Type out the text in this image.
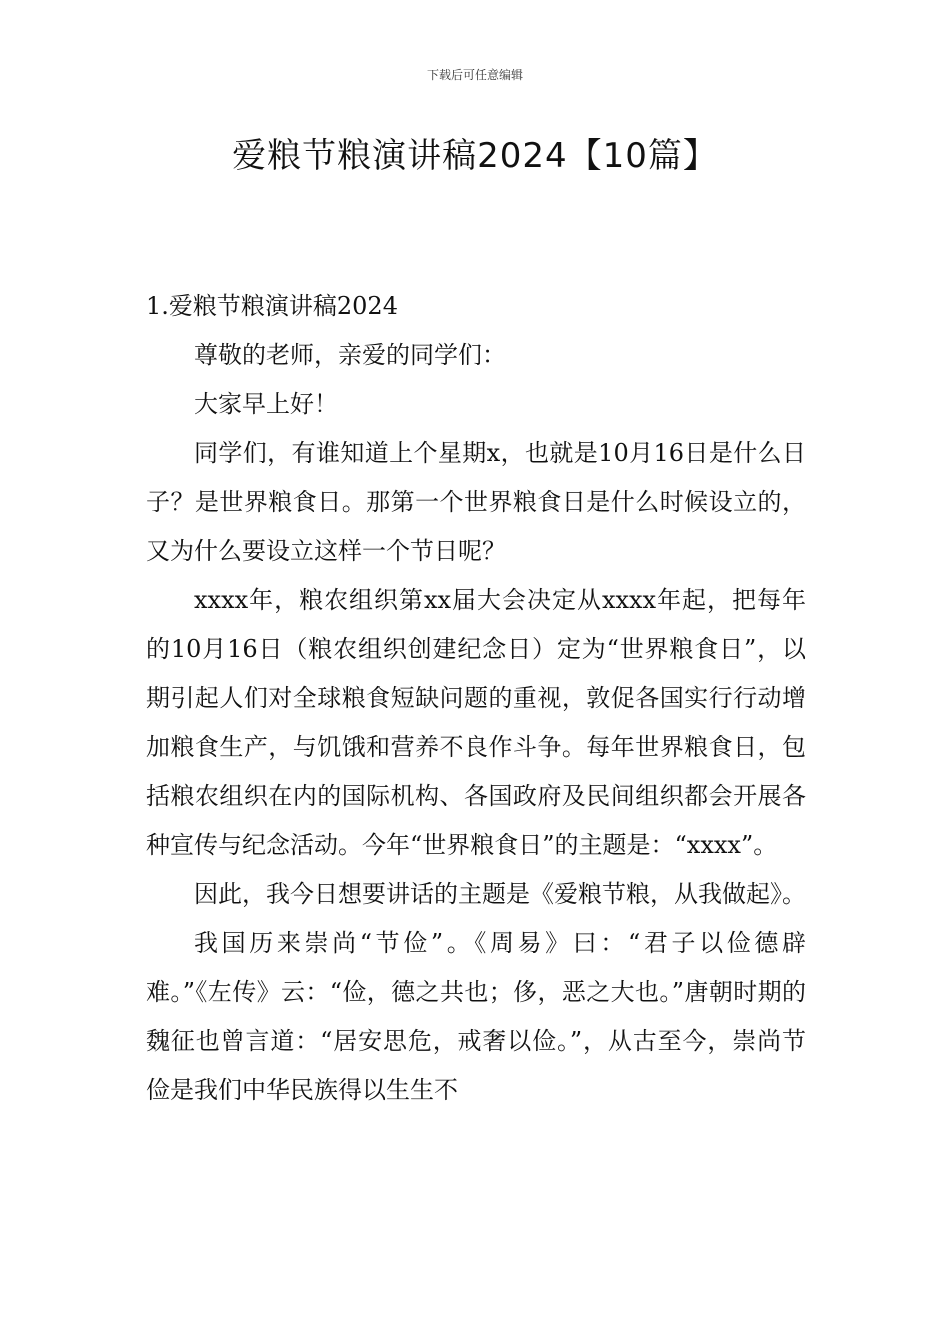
下载后可任意编辑
爱粮节粮演讲稿2024【10篇】
1.爱粮节粮演讲稿2024

尊敬的老师，亲爱的同学们：

大家早上好！

同学们，有谁知道上个星期x，也就是10月16日是什么日子？是世界粮食日。那第一个世界粮食日是什么时候设立的，又为什么要设立这样一个节日呢？

xxxx年，粮农组织第xx届大会决定从xxxx年起，把每年的10月16日（粮农组织创建纪念日）定为“世界粮食日”，以期引起人们对全球粮食短缺问题的重视，敦促各国实行行动增加粮食生产，与饥饿和营养不良作斗争。每年世界粮食日，包括粮农组织在内的国际机构、各国政府及民间组织都会开展各种宣传与纪念活动。今年“世界粮食日”的主题是：“xxxx”。

因此，我今日想要讲话的主题是《爱粮节粮，从我做起》。

我国历来崇尚“节俭”。《周易》曰：“君子以俭德辟难。”《左传》云：“俭，德之共也；侈，恶之大也。”唐朝时期的魏征也曾言道：“居安思危，戒奢以俭。”，从古至今，崇尚节俭是我们中华民族得以生生不
